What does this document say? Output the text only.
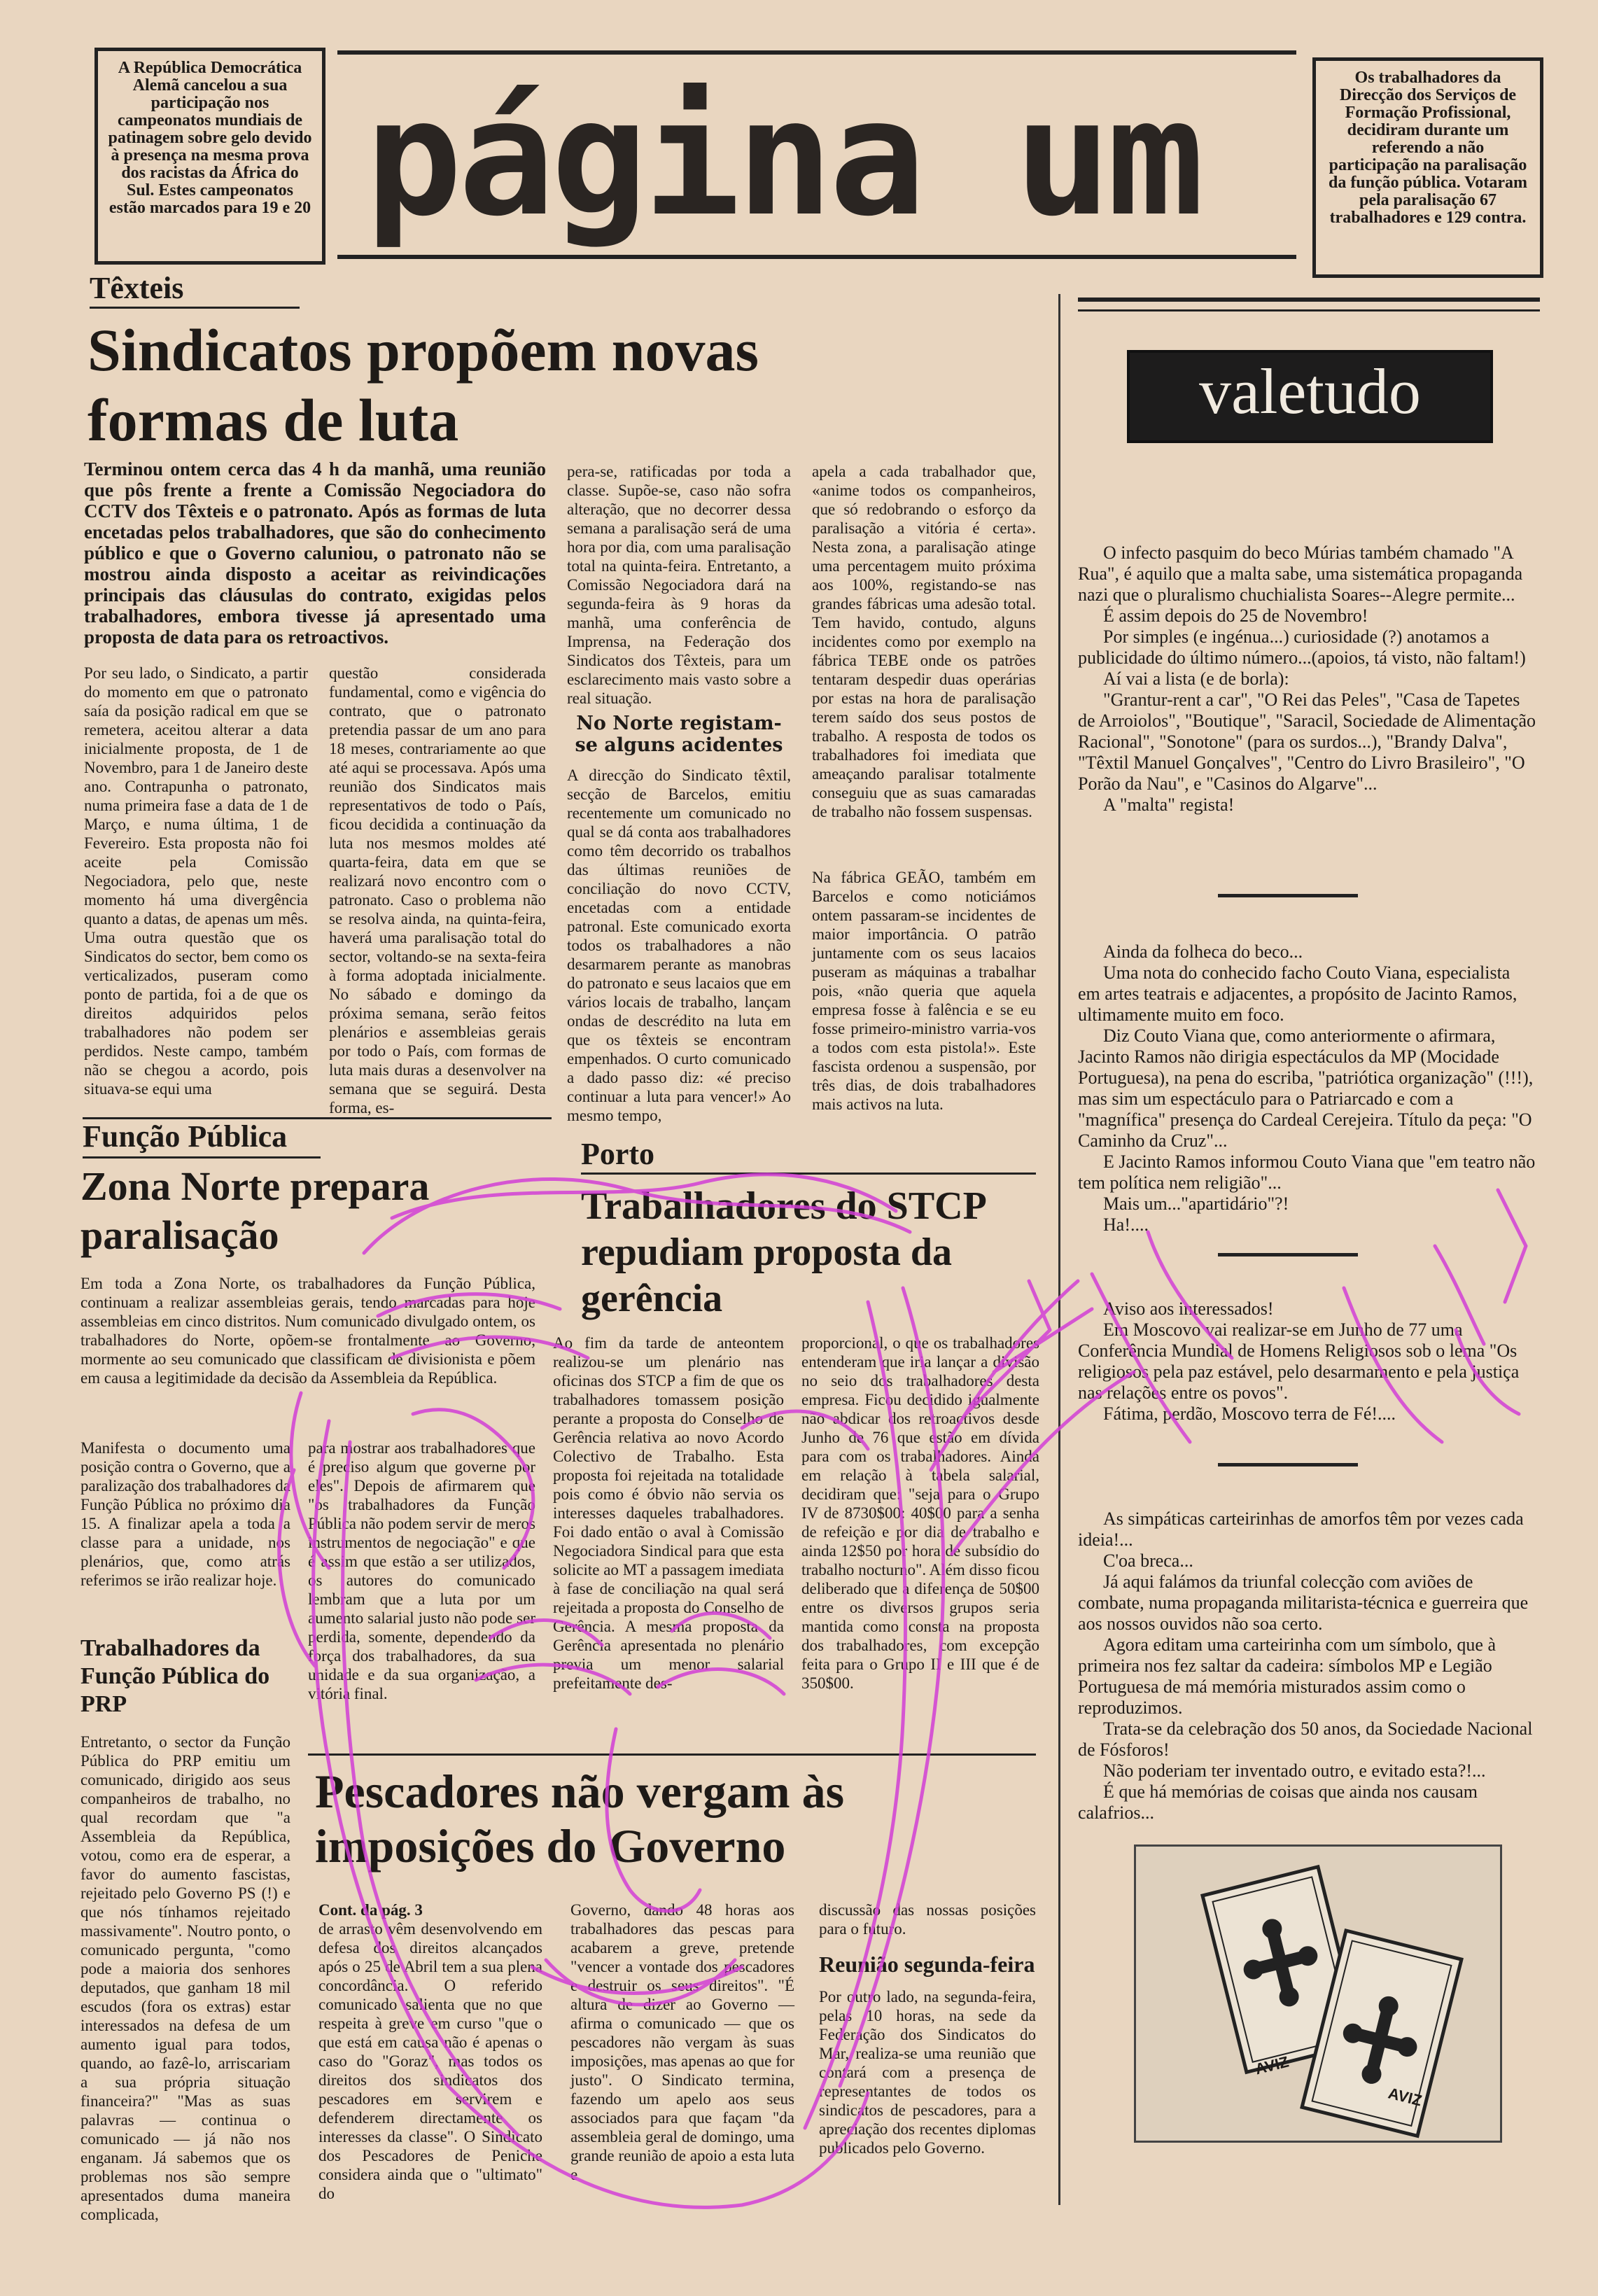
A República Democrática Alemã cancelou a sua participação nos campeonatos mundiais de patinagem sobre gelo devido à presença na mesma prova dos racistas da África do Sul. Estes campeonatos estão marcados para 19 e 20 página um	Os trabalhadores da Direcção dos Serviços de Formação Profissional, decidiram durante um referendo a não participação na paralisação da função pública. Votaram pela paralisação 67 trabalhadores e 129 contra.
Têxteis
Sindicatos propõem novas formas de luta
Terminou ontem cerca das 4 h da manhã, uma reunião que pôs frente a frente a Comissão Negociadora do CCTV dos Têxteis e o patronato. Após as formas de luta encetadas pelos trabalhadores, que são do conhecimento público e que o Governo caluniou, o patronato não se mostrou ainda disposto a aceitar as reivindicações principais das cláusulas do contrato, exigidas pelos trabalhadores, embora tivesse já apresentado uma proposta de data para os retroactivos.
Por seu lado, o Sindicato, a partir do momento em que o patronato saía da posição radical em que se remetera, aceitou alterar a data inicialmente proposta, de 1 de Novembro, para 1 de Janeiro deste ano. Contrapunha o patronato, numa primeira fase a data de 1 de Março, e numa última, 1 de Fevereiro. Esta proposta não foi aceite pela Comissão Negociadora, pelo que, neste momento há uma divergência quanto a datas, de apenas um mês. Uma outra questão que os Sindicatos do sector, bem como os verticalizados, puseram como ponto de partida, foi a de que os direitos adquiridos pelos trabalhadores não podem ser perdidos. Neste campo, também não se chegou a acordo, pois situava-se equi uma
questão considerada fundamental, como e vigência do contrato, que o patronato pretendia passar de um ano para 18 meses, contrariamente ao que até aqui se processava. Após uma reunião dos Sindicatos mais representativos de todo o País, ficou decidida a continuação da luta nos mesmos moldes até quarta-feira, data em que se realizará novo encontro com o patronato. Caso o problema não se resolva ainda, na quinta-feira, haverá uma paralisação total do sector, voltando-se na sexta-feira à forma adoptada inicialmente. No sábado e domingo da próxima semana, serão feitos plenários e assembleias gerais por todo o País, com formas de luta mais duras a desenvolver na semana que se seguirá. Desta forma, es-
pera-se, ratificadas por toda a classe. Supõe-se, caso não sofra alteração, que no decorrer dessa semana a paralisação será de uma hora por dia, com uma paralisação total na quinta-feira. Entretanto, a Comissão Negociadora dará na segunda-feira às 9 horas da manhã, uma conferência de Imprensa, na Federação dos Sindicatos dos Têxteis, para um esclarecimento mais vasto sobre a real situação.
No Norte registam-se alguns acidentes
A direcção do Sindicato têxtil, secção de Barcelos, emitiu recentemente um comunicado no qual se dá conta aos trabalhadores como têm decorrido os trabalhos das últimas reuniões de conciliação do novo CCTV, encetadas com a entidade patronal. Este comunicado exorta todos os trabalhadores a não desarmarem perante as manobras do patronato e seus lacaios que em vários locais de trabalho, lançam ondas de descrédito na luta em que os têxteis se encontram empenhados. O curto comunicado a dado passo diz: «é preciso continuar a luta para vencer!» Ao mesmo tempo,
apela a cada trabalhador que, «anime todos os companheiros, que só redobrando o esforço da paralisação a vitória é certa». Nesta zona, a paralisação atinge uma percentagem muito próxima aos 100%, registando-se nas grandes fábricas uma adesão total. Tem havido, contudo, alguns incidentes como por exemplo na fábrica TEBE onde os patrões tentaram despedir duas operárias por estas na hora de paralisação terem saído dos seus postos de trabalho. A resposta de todos os trabalhadores foi imediata que ameaçando paralisar totalmente conseguiu que as suas camaradas de trabalho não fossem suspensas.
Na fábrica GEÃO, também em Barcelos e como noticiámos ontem passaram-se incidentes de maior importância. O patrão juntamente com os seus lacaios puseram as máquinas a trabalhar pois, «não queria que aquela empresa fosse à falência e se eu fosse primeiro-ministro varria-vos a todos com esta pistola!». Este fascista ordenou a suspensão, por três dias, de dois trabalhadores mais activos na luta.
Função Pública
Zona Norte prepara paralisação
Em toda a Zona Norte, os trabalhadores da Função Pública, continuam a realizar assembleias gerais, tendo marcadas para hoje assembleias em cinco distritos. Num comunicado divulgado ontem, os trabalhadores do Norte, opõem-se frontalmente ao Governo, mormente ao seu comunicado que classificam de divisionista e põem em causa a legitimidade da decisão da Assembleia da República.
Manifesta o documento uma posição contra o Governo, que a paralização dos trabalhadores da Função Pública no próximo dia 15. A finalizar apela a toda a classe para a unidade, nos plenários, que, como atrás referimos se irão realizar hoje.
Trabalhadores da Função Pública do PRP
Entretanto, o sector da Função Pública do PRP emitiu um comunicado, dirigido aos seus companheiros de trabalho, no qual recordam que "a Assembleia da República, votou, como era de esperar, a favor do aumento fascistas, rejeitado pelo Governo PS (!) e que nós tínhamos rejeitado massivamente". Noutro ponto, o comunicado pergunta, "como pode a maioria dos senhores deputados, que ganham 18 mil escudos (fora os extras) estar interessados na defesa de um aumento igual para todos, quando, ao fazê-lo, arriscariam a sua própria situação financeira?" "Mas as suas palavras — continua o comunicado — já não nos enganam. Já sabemos que os problemas nos são sempre apresentados duma maneira complicada,
para mostrar aos trabalhadores que é preciso algum que governe por eles". Depois de afirmarem que "os trabalhadores da Função Pública não podem servir de meros instrumentos de negociação" e que é assim que estão a ser utilizados, os autores do comunicado lembram que a luta por um aumento salarial justo não pode ser perdida, somente, dependendo da força dos trabalhadores, da sua unidade e da sua organização, a vitória final.
Porto
Trabalhadores do STCP repudiam proposta da gerência
Ao fim da tarde de anteontem realizou-se um plenário nas oficinas dos STCP a fim de que os trabalhadores tomassem posição perante a proposta do Conselho de Gerência relativa ao novo Acordo Colectivo de Trabalho. Esta proposta foi rejeitada na totalidade pois como é óbvio não servia os interesses daqueles trabalhadores. Foi dado então o aval à Comissão Negociadora Sindical para que esta solicite ao MT a passagem imediata à fase de conciliação na qual será rejeitada a proposta do Conselho de Gerência. A mesma proposta da Gerência apresentada no plenário previa um menor salarial prefeitamente des-
proporcional, o que os trabalhadores entenderam que iria lançar a divisão no seio dos trabalhadores desta empresa. Ficou decidido igualmente não abdicar dos retroactivos desde Junho de 76 que estão em dívida para com os trabalhadores. Ainda em relação à tabela salarial, decidiram que: "seja para o Grupo IV de 8730$00: 40$00 para a senha de refeição e por dia de trabalho e ainda 12$50 por hora de subsídio do trabalho nocturno". Além disso ficou deliberado que a diferença de 50$00 entre os diversos grupos seria mantida como consta na proposta dos trabalhadores, com excepção feita para o Grupo II e III que é de 350$00.
Pescadores não vergam às imposições do Governo
Cont. da pág. 3
de arrasto vêm desenvolvendo em defesa dos direitos alcançados após o 25 de Abril tem a sua plena concordância. O referido comunicado salienta que no que respeita à greve em curso "que o que está em causa não é apenas o caso do "Goraz", mas todos os direitos dos sindicatos dos pescadores em servirem e defenderem directamente os interesses da classe". O Sindicato dos Pescadores de Peniche considera ainda que o "ultimato" do
Governo, dando 48 horas aos trabalhadores das pescas para acabarem a greve, pretende "vencer a vontade dos pescadores e destruir os seus direitos". "É altura de dizer ao Governo — afirma o comunicado — que os pescadores não vergam às suas imposições, mas apenas ao que for justo". O Sindicato termina, fazendo um apelo aos seus associados para que façam "da assembleia geral de domingo, uma grande reunião de apoio a esta luta e
discussão das nossas posições para o futuro.
Reunião segunda-feira
Por outro lado, na segunda-feira, pelas 10 horas, na sede da Federação dos Sindicatos do Mar, realiza-se uma reunião que contará com a presença de representantes de todos os sindicatos de pescadores, para a apreciação dos recentes diplomas publicados pelo Governo.
valetudo

O infecto pasquim do beco Múrias também chamado "A Rua", é aquilo que a malta sabe, uma sistemática propaganda nazi que o pluralismo chuchialista Soares--Alegre permite...

É assim depois do 25 de Novembro!

Por simples (e ingénua...) curiosidade (?) anotamos a publicidade do último número...(apoios, tá visto, não faltam!)

Aí vai a lista (e de borla):

"Grantur-rent a car", "O Rei das Peles", "Casa de Tapetes de Arroiolos", "Boutique", "Saracil, Sociedade de Alimentação Racional", "Sonotone" (para os surdos...), "Brandy Dalva", "Têxtil Manuel Gonçalves", "Centro do Livro Brasileiro", "O Porão da Nau", e "Casinos do Algarve"...

A "malta" regista!

Ainda da folheca do beco...

Uma nota do conhecido facho Couto Viana, especialista em artes teatrais e adjacentes, a propósito de Jacinto Ramos, ultimamente muito em foco.

Diz Couto Viana que, como anteriormente o afirmara, Jacinto Ramos não dirigia espectáculos da MP (Mocidade Portuguesa), na pena do escriba, "patriótica organização" (!!!), mas sim um espectáculo para o Patriarcado e com a "magnífica" presença do Cardeal Cerejeira. Título da peça: "O Caminho da Cruz"...

E Jacinto Ramos informou Couto Viana que "em teatro não tem política nem religião"...

Mais um..."apartidário"?!

Ha!....

Aviso aos interessados!

Em Moscovo vai realizar-se em Junho de 77 uma Conferência Mundial de Homens Religiosos sob o lema "Os religiosos pela paz estável, pelo desarmamento e pela justiça nas relações entre os povos".

Fátima, perdão, Moscovo terra de Fé!....

As simpáticas carteirinhas de amorfos têm por vezes cada ideia!...

C'oa breca...

Já aqui falámos da triunfal colecção com aviões de combate, numa propaganda militarista-técnica e guerreira que aos nossos ouvidos não soa certo.

Agora editam uma carteirinha com um símbolo, que à primeira nos fez saltar da cadeira: símbolos MP e Legião Portuguesa de má memória misturados assim como o reproduzimos.

Trata-se da celebração dos 50 anos, da Sociedade Nacional de Fósforos!

Não poderiam ter inventado outro, e evitado esta?!...

É que há memórias de coisas que ainda nos causam calafrios...

AVIZ
AVIZ
